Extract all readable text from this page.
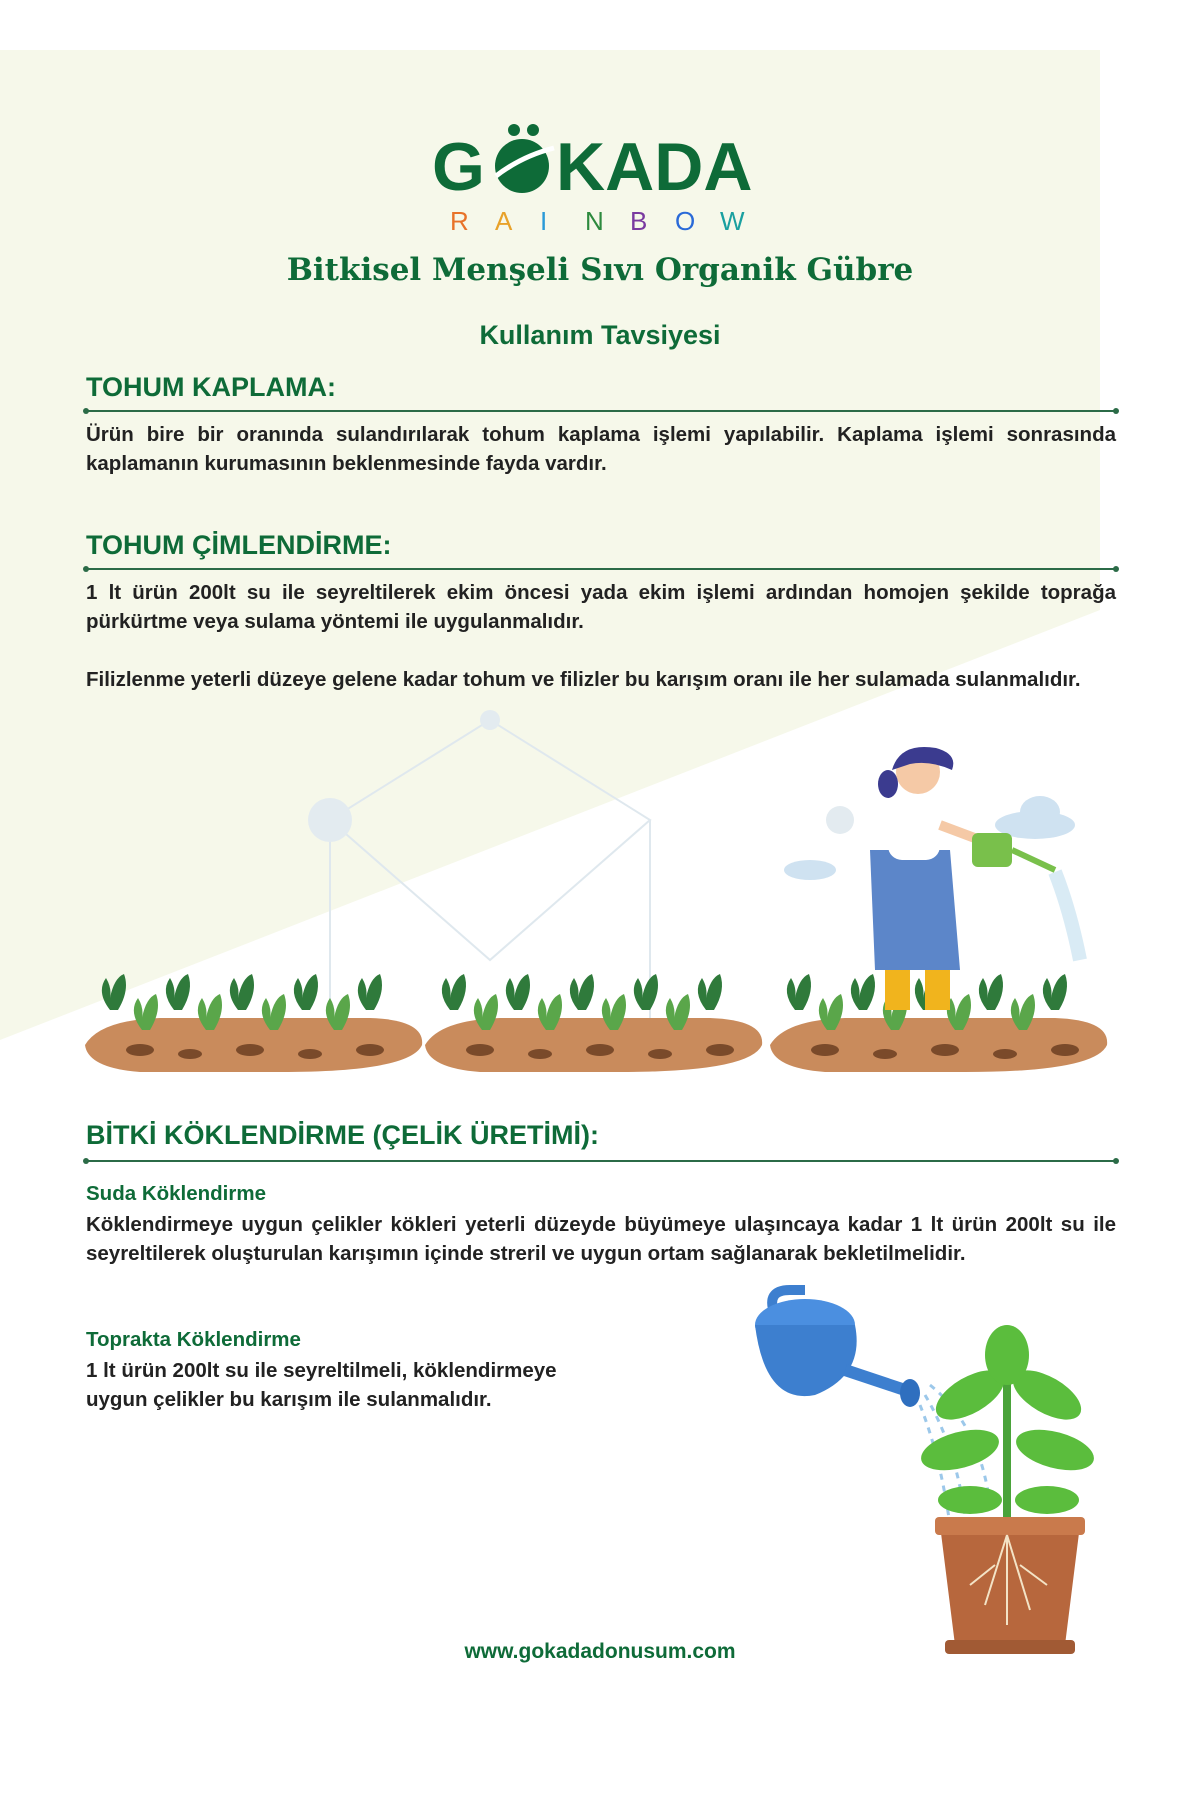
G KADA
R A I N B O W
Bitkisel Menşeli Sıvı Organik Gübre
Kullanım Tavsiyesi
TOHUM KAPLAMA:
Ürün bire bir oranında sulandırılarak tohum kaplama işlemi yapılabilir. Kaplama işlemi sonrasında kaplamanın kurumasının beklenmesinde fayda vardır.
TOHUM ÇİMLENDİRME:
1 lt ürün 200lt su ile seyreltilerek ekim öncesi yada ekim işlemi ardından homojen şekilde toprağa pürkürtme veya sulama yöntemi ile uygulanmalıdır.
Filizlenme yeterli düzeye gelene kadar tohum ve filizler bu karışım oranı ile her sulamada sulanmalıdır.
BİTKİ KÖKLENDİRME (ÇELİK ÜRETİMİ):
Suda Köklendirme
Köklendirmeye uygun çelikler kökleri yeterli düzeyde büyümeye ulaşıncaya kadar 1 lt ürün 200lt su ile seyreltilerek oluşturulan karışımın içinde streril ve uygun ortam sağlanarak bekletilmelidir.
Toprakta Köklendirme
1 lt ürün 200lt su ile seyreltilmeli, köklendirmeye
uygun çelikler bu karışım ile sulanmalıdır.
www.gokadadonusum.com
